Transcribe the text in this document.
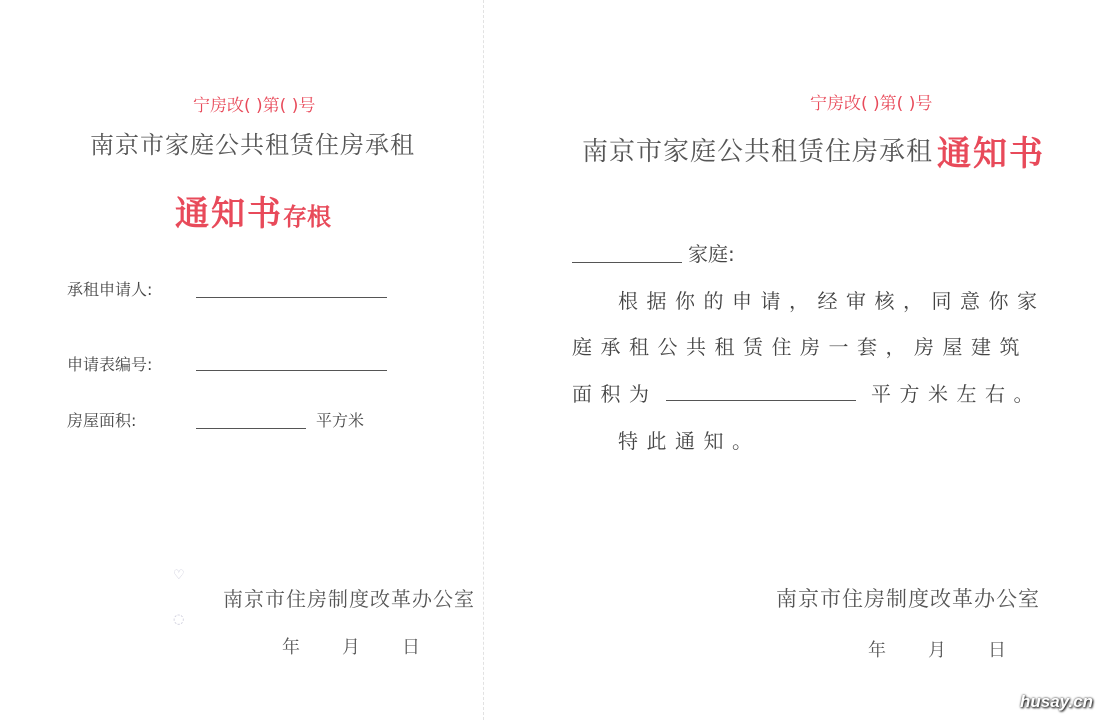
宁房改( )第( )号
南京市家庭公共租赁住房承租
通知书存根
承租申请人:
申请表编号:
房屋面积:	平方米
♡
◌
南京市住房制度改革办公室
年 月 日
宁房改( )第( )号
南京市家庭公共租赁住房承租 通知书
家庭:
根据你的申请，经审核，同意你家
庭承租公共租赁住房一套，房屋建筑
面积为	平方米左右。
特此通知。
南京市住房制度改革办公室
年 月 日
husay.cn
